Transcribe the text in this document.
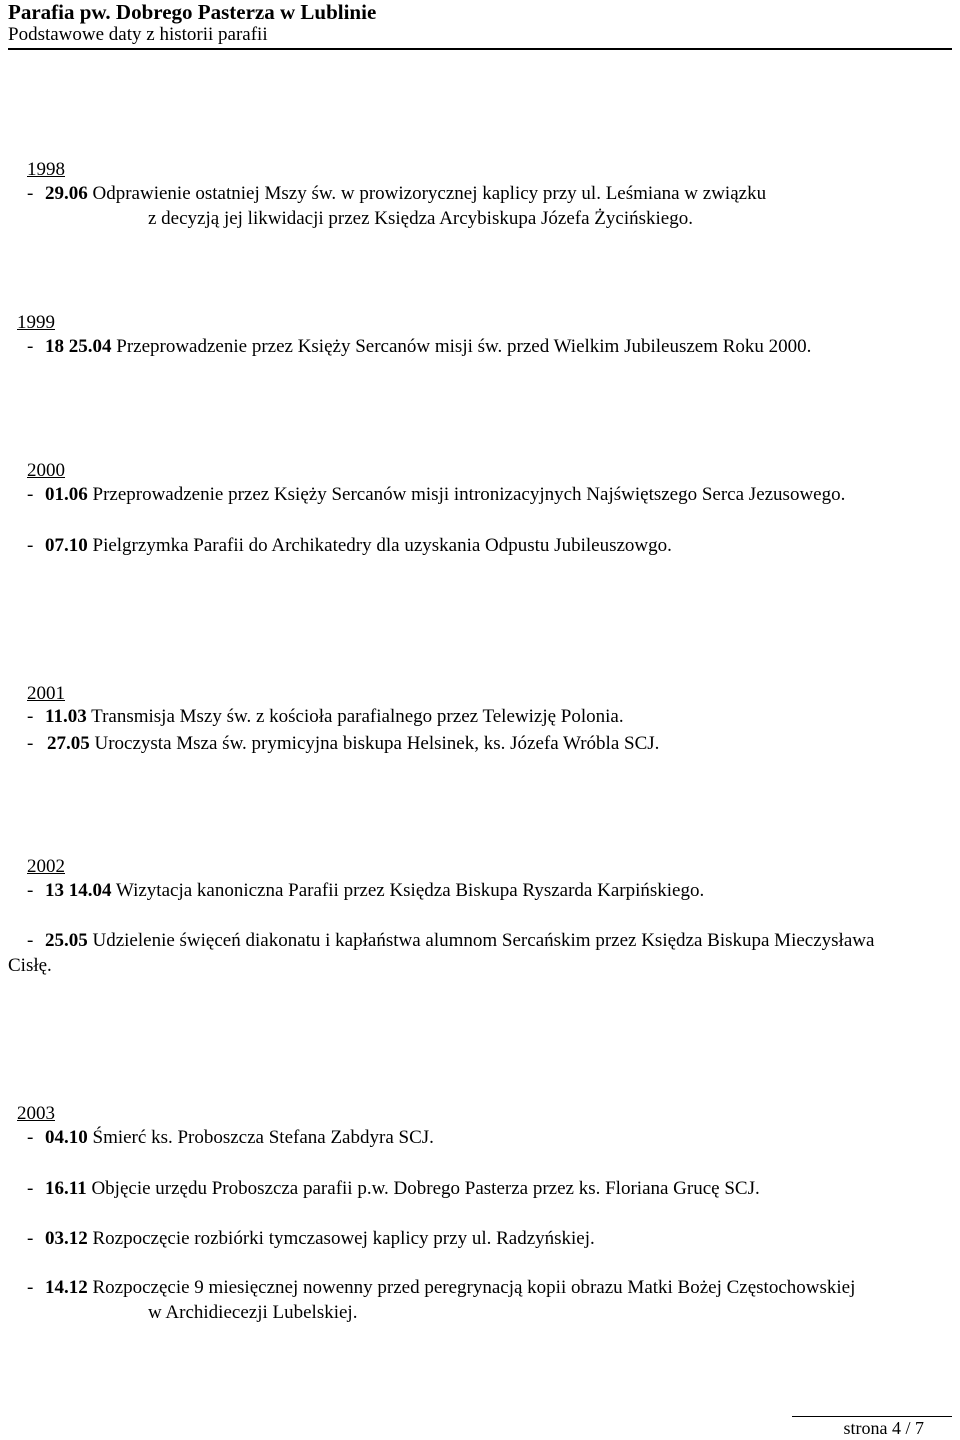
Parafia pw. Dobrego Pasterza w Lublinie
Podstawowe daty z historii parafii
1998
- 29.06 Odprawienie ostatniej Mszy św. w prowizorycznej kaplicy przy ul. Leśmiana w związku
z decyzją jej likwidacji przez Księdza Arcybiskupa Józefa Życińskiego.
1999
- 18 25.04 Przeprowadzenie przez Księży Sercanów misji św. przed Wielkim Jubileuszem Roku 2000.
2000
- 01.06 Przeprowadzenie przez Księży Sercanów misji intronizacyjnych Najświętszego Serca Jezusowego.
- 07.10 Pielgrzymka Parafii do Archikatedry dla uzyskania Odpustu Jubileuszowgo.
2001
- 11.03 Transmisja Mszy św. z kościoła parafialnego przez Telewizję Polonia.
- 27.05 Uroczysta Msza św. prymicyjna biskupa Helsinek, ks. Józefa Wróbla SCJ.
2002
- 13 14.04 Wizytacja kanoniczna Parafii przez Księdza Biskupa Ryszarda Karpińskiego.
- 25.05 Udzielenie święceń diakonatu i kapłaństwa alumnom Sercańskim przez Księdza Biskupa Mieczysława
Cisłę.
2003
- 04.10 Śmierć ks. Proboszcza Stefana Zabdyra SCJ.
- 16.11 Objęcie urzędu Proboszcza parafii p.w. Dobrego Pasterza przez ks. Floriana Grucę SCJ.
- 03.12 Rozpoczęcie rozbiórki tymczasowej kaplicy przy ul. Radzyńskiej.
- 14.12 Rozpoczęcie 9 miesięcznej nowenny przed peregrynacją kopii obrazu Matki Bożej Częstochowskiej
w Archidiecezji Lubelskiej.
strona 4 / 7
